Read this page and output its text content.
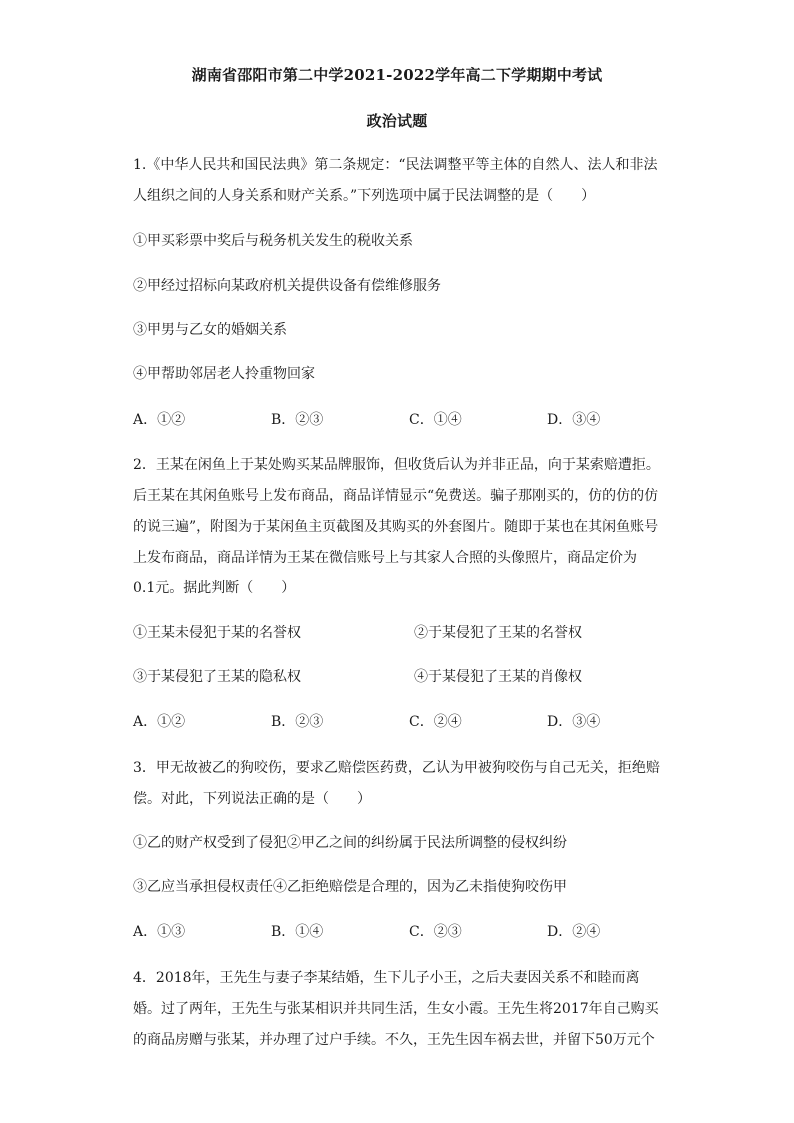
湖南省邵阳市第二中学2021-2022学年高二下学期期中考试
政治试题
1.《中华人民共和国民法典》第二条规定：“民法调整平等主体的自然人、法人和非法
人组织之间的人身关系和财产关系。”下列选项中属于民法调整的是（　　）
①甲买彩票中奖后与税务机关发生的税收关系
②甲经过招标向某政府机关提供设备有偿维修服务
③甲男与乙女的婚姻关系
④甲帮助邻居老人拎重物回家
A．①②	B．②③	C．①④	D．③④
2．王某在闲鱼上于某处购买某品牌服饰，但收货后认为并非正品，向于某索赔遭拒。
后王某在其闲鱼账号上发布商品，商品详情显示“免费送。骗子那刚买的，仿的仿的仿
的说三遍”，附图为于某闲鱼主页截图及其购买的外套图片。随即于某也在其闲鱼账号
上发布商品，商品详情为王某在微信账号上与其家人合照的头像照片，商品定价为
0.1元。据此判断（　　）
①王某未侵犯于某的名誉权	②于某侵犯了王某的名誉权
③于某侵犯了王某的隐私权	④于某侵犯了王某的肖像权
A．①②	B．②③	C．②④	D．③④
3．甲无故被乙的狗咬伤，要求乙赔偿医药费，乙认为甲被狗咬伤与自己无关，拒绝赔
偿。对此，下列说法正确的是（　　）
①乙的财产权受到了侵犯②甲乙之间的纠纷属于民法所调整的侵权纠纷
③乙应当承担侵权责任④乙拒绝赔偿是合理的，因为乙未指使狗咬伤甲
A．①③	B．①④	C．②③	D．②④
4．2018年，王先生与妻子李某结婚，生下儿子小王，之后夫妻因关系不和睦而离
婚。过了两年，王先生与张某相识并共同生活，生女小霞。王先生将2017年自己购买
的商品房赠与张某，并办理了过户手续。不久，王先生因车祸去世，并留下50万元个
